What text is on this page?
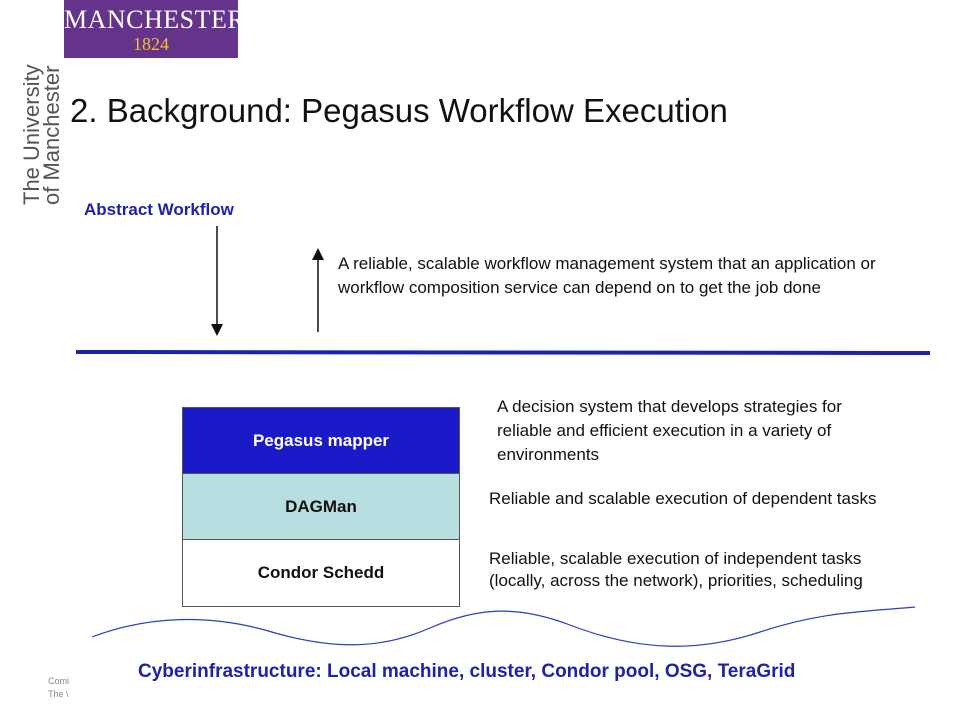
MANCHESTER
1824
The University
of Manchester 2. Background: Pegasus Workflow Execution
Abstract Workflow
A reliable, scalable workflow management system that an application or workflow composition service can depend on to get the job done
Pegasus mapper
DAGMan
Condor Schedd
A decision system that develops strategies for reliable and efficient execution in a variety of environments
Reliable and scalable execution of dependent tasks
Reliable, scalable execution of independent tasks (locally, across the network), priorities, scheduling
Cyberinfrastructure: Local machine, cluster, Condor pool, OSG, TeraGrid
Comi
The \
